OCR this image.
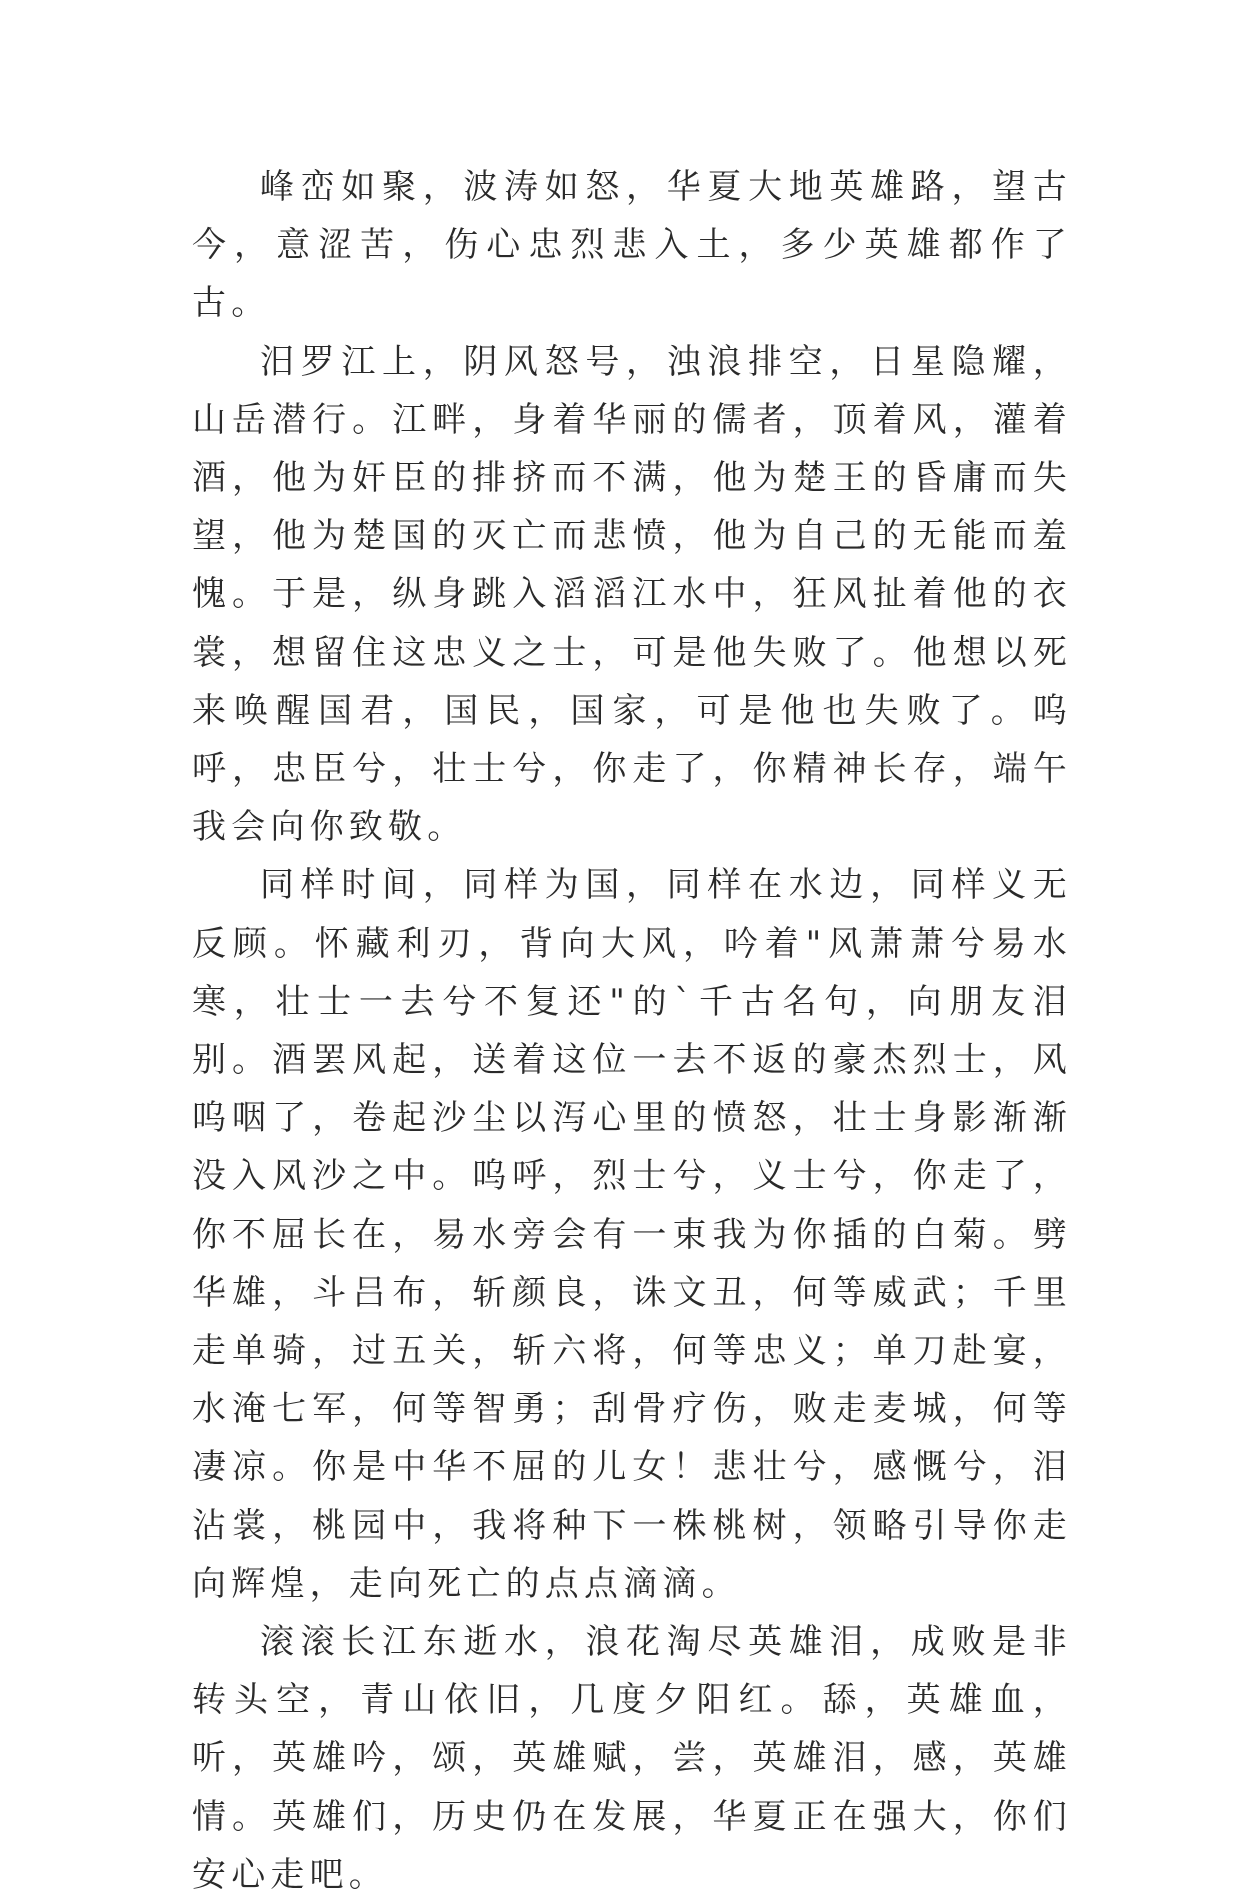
峰峦如聚，波涛如怒，华夏大地英雄路，望古今，意涩苦，伤心忠烈悲入土，多少英雄都作了古。

汨罗江上，阴风怒号，浊浪排空，日星隐耀，山岳潜行。江畔，身着华丽的儒者，顶着风，灌着酒，他为奸臣的排挤而不满，他为楚王的昏庸而失望，他为楚国的灭亡而悲愤，他为自己的无能而羞愧。于是，纵身跳入滔滔江水中，狂风扯着他的衣裳，想留住这忠义之士，可是他失败了。他想以死来唤醒国君，国民，国家，可是他也失败了。呜呼，忠臣兮，壮士兮，你走了，你精神长存，端午我会向你致敬。

同样时间，同样为国，同样在水边，同样义无反顾。怀藏利刃，背向大风，吟着"风萧萧兮易水寒，壮士一去兮不复还"的`千古名句，向朋友泪别。酒罢风起，送着这位一去不返的豪杰烈士，风呜咽了，卷起沙尘以泻心里的愤怒，壮士身影渐渐没入风沙之中。呜呼，烈士兮，义士兮，你走了，你不屈长在，易水旁会有一束我为你插的白菊。劈华雄，斗吕布，斩颜良，诛文丑，何等威武；千里走单骑，过五关，斩六将，何等忠义；单刀赴宴，水淹七军，何等智勇；刮骨疗伤，败走麦城，何等凄凉。你是中华不屈的儿女！悲壮兮，感慨兮，泪沾裳，桃园中，我将种下一株桃树，领略引导你走向辉煌，走向死亡的点点滴滴。

滚滚长江东逝水，浪花淘尽英雄泪，成败是非转头空，青山依旧，几度夕阳红。舔，英雄血，听，英雄吟，颂，英雄赋，尝，英雄泪，感，英雄情。英雄们，历史仍在发展，华夏正在强大，你们安心走吧。
